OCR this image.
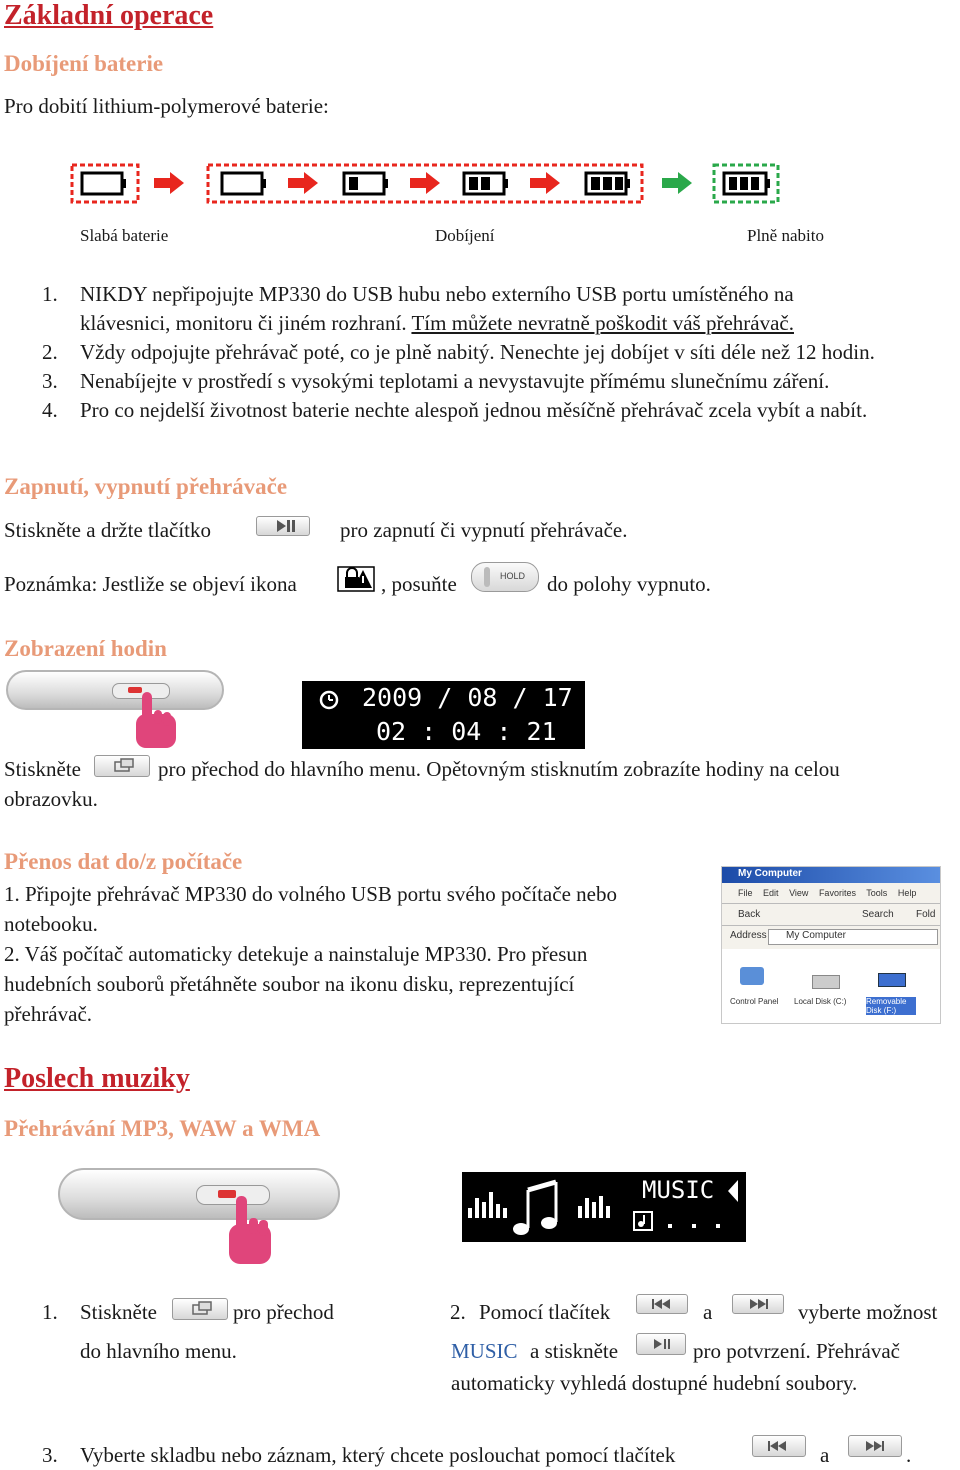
Základní operace
Dobíjení baterie
Pro dobití lithium-polymerové baterie:
Slabá baterie	Dobíjení	Plně nabito
1. NIKDY nepřipojujte MP330 do USB hubu nebo externího USB portu umístěného na
klávesnici, monitoru či jiném rozhraní. Tím můžete nevratně poškodit váš přehrávač.
2. Vždy odpojujte přehrávač poté, co je plně nabitý. Nenechte jej dobíjet v síti déle než 12 hodin.
3. Nenabíjejte v prostředí s vysokými teplotami a nevystavujte přímému slunečnímu záření.
4. Pro co nejdelší životnost baterie nechte alespoň jednou měsíčně přehrávač zcela vybít a nabít.
Zapnutí, vypnutí přehrávače
Stiskněte a držte tlačítko	pro zapnutí či vypnutí přehrávače.
Poznámka: Jestliže se objeví ikona	, posuňte	HOLD do polohy vypnuto.
Zobrazení hodin
2009 / 08 / 17
02 : 04 : 21
Stiskněte	pro přechod do hlavního menu. Opětovným stisknutím zobrazíte hodiny na celou
obrazovku.
Přenos dat do/z počítače
1. Připojte přehrávač MP330 do volného USB portu svého počítače nebo
notebooku.
2. Váš počítač automaticky detekuje a nainstaluje MP330. Pro přesun
hudebních souborů přetáhněte soubor na ikonu disku, reprezentující
přehrávač.
My Computer
File Edit View Favorites Tools Help
Back	Search Fold
Address My Computer
Control Panel Local Disk (C:) Removable Disk (F:)
Poslech muziky
Přehrávání MP3, WAW a WMA
MUSIC
1. Stiskněte	pro přechod
do hlavního menu.
2. Pomocí tlačítek	a	vyberte možnost
MUSIC a stiskněte	pro potvrzení. Přehrávač
automaticky vyhledá dostupné hudební soubory.
3. Vyberte skladbu nebo záznam, který chcete poslouchat pomocí tlačítek	a	.
